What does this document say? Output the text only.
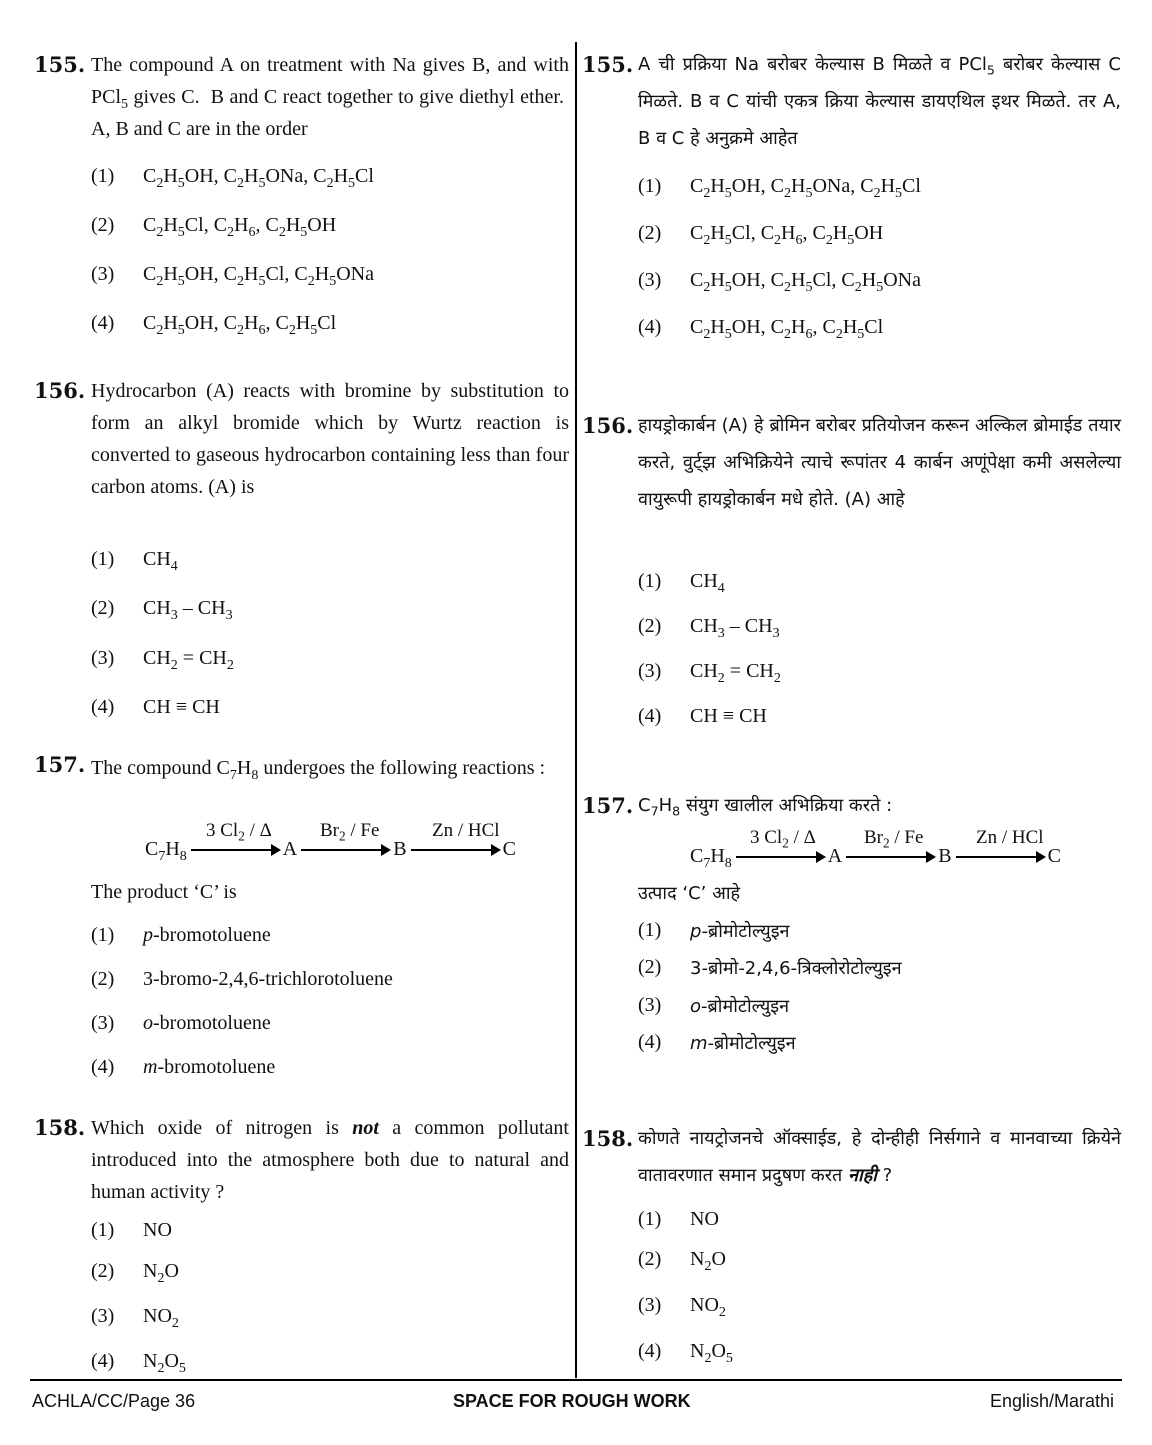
155. The compound A on treatment with Na gives B, and with PCl$_5$ gives C.  B and C react together to give diethyl ether.  A, B and C are in the order
(1) $C_2H_5OH$, $C_2H_5ONa$, $C_2H_5Cl$
(2) $C_2H_5Cl$, $C_2H_6$, $C_2H_5OH$
(3) $C_2H_5OH$, $C_2H_5Cl$, $C_2H_5ONa$
(4) $C_2H_5OH$, $C_2H_6$, $C_2H_5Cl$
156. Hydrocarbon (A) reacts with bromine by substitution to form an alkyl bromide which by Wurtz reaction is converted to gaseous hydrocarbon containing less than four carbon atoms. (A) is
(1) $CH_4$
(2) $CH_3 - CH_3$
(3) $CH_2 = CH_2$
(4) CH ≡ CH
157. The compound $C_7H_8$ undergoes the following reactions :
$C_7H_8$	A	B	C
3 $Cl_2$ / Δ	$Br_2$ / Fe	Zn / HCl
The product ‘C’ is
(1) p-bromotoluene
(2) 3-bromo-2,4,6-trichlorotoluene
(3) o-bromotoluene
(4) m-bromotoluene
158. Which oxide of nitrogen is not a common pollutant introduced into the atmosphere both due to natural and human activity ?
(1) NO
(2) $N_2O$
(3) $NO_2$
(4) $N_2O_5$
155. A ची प्रक्रिया Na बरोबर केल्यास B मिळते व PCl$_5$ बरोबर केल्यास C मिळते. B व C यांची एकत्र क्रिया केल्यास डायएथिल इथर मिळते. तर A, B व C हे अनुक्रमे आहेत
(1) $C_2H_5OH$, $C_2H_5ONa$, $C_2H_5Cl$
(2) $C_2H_5Cl$, $C_2H_6$, $C_2H_5OH$
(3) $C_2H_5OH$, $C_2H_5Cl$, $C_2H_5ONa$
(4) $C_2H_5OH$, $C_2H_6$, $C_2H_5Cl$
156. हायड्रोकार्बन (A) हे ब्रोमिन बरोबर प्रतियोजन करून अल्किल ब्रोमाईड तयार करते, वुर्ट्झ अभिक्रियेने त्याचे रूपांतर 4 कार्बन अणूंपेक्षा कमी असलेल्या वायुरूपी हायड्रोकार्बन मधे होते. (A) आहे
(1) $CH_4$
(2) $CH_3 - CH_3$
(3) $CH_2 = CH_2$
(4) CH ≡ CH
157. $C_7H_8$ संयुग खालील अभिक्रिया करते :
$C_7H_8$	A	B	C
3 $Cl_2$ / Δ	$Br_2$ / Fe	Zn / HCl
उत्पाद ‘C’ आहे
(1) p-ब्रोमोटोल्युइन
(2) 3-ब्रोमो-2,4,6-त्रिक्लोरोटोल्युइन
(3) o-ब्रोमोटोल्युइन
(4) m-ब्रोमोटोल्युइन
158. कोणते नायट्रोजनचे ऑक्साईड, हे दोन्हीही निर्सगाने व मानवाच्या क्रियेने वातावरणात समान प्रदुषण करत नाही ?
(1) NO
(2) $N_2O$
(3) $NO_2$
(4) $N_2O_5$
ACHLA/CC/Page 36	SPACE FOR ROUGH WORK	English/Marathi
